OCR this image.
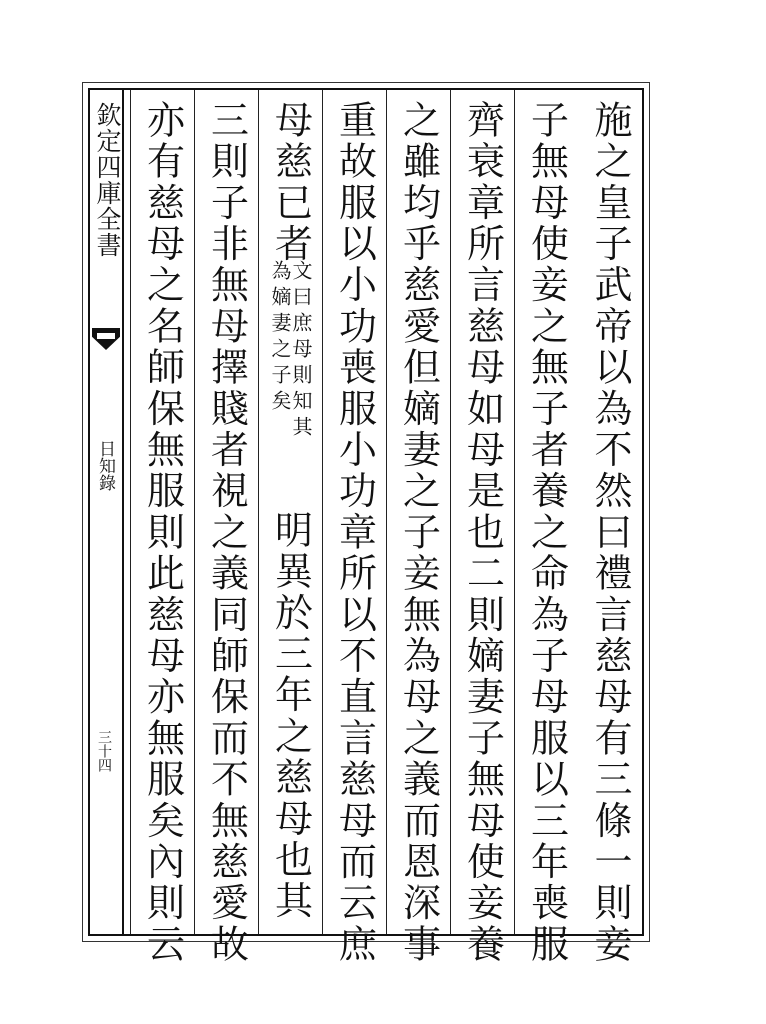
欽定四庫全書
日知錄
三十四	施之皇子武帝以為不然曰禮言慈母有三條一則妾
子無母使妾之無子者養之命為子母服以三年喪服
齊衰章所言慈母如母是也二則嫡妻子無母使妾養
之雖均乎慈愛但嫡妻之子妾無為母之義而恩深事
重故服以小功喪服小功章所以不直言慈母而云庶
母慈已者
文曰庶母則知其
為嫡妻之子矣
明異於三年之慈母也其
三則子非無母擇賤者視之義同師保而不無慈愛故
亦有慈母之名師保無服則此慈母亦無服矣內則云
